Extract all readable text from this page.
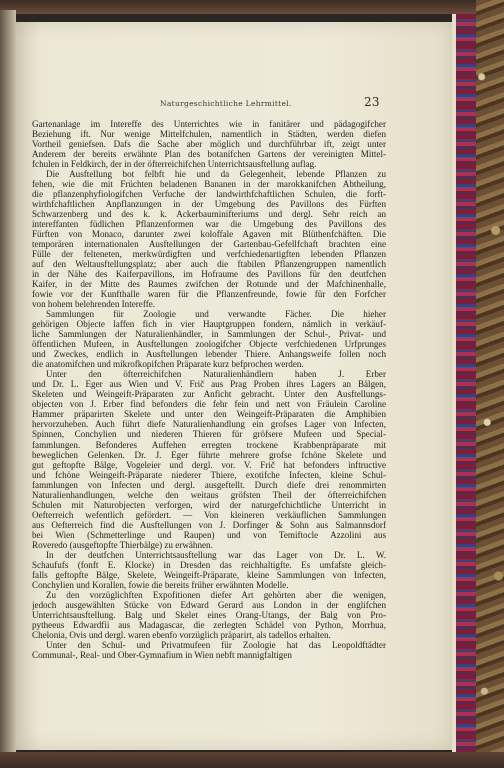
Naturgeschichtliche Lehrmittel.	23
Gartenanlage im Intereffe des Unterrichtes wie in fanitärer und pädagogifcher
Beziehung ift. Nur wenige Mittelfchulen, namentlich in Städten, werden diefen
Vortheil geniefsen. Dafs die Sache aber möglich und durchführbar ift, zeigt unter
Anderem der bereits erwähnte Plan des botanifchen Gartens der vereinigten Mittel-
fchulen in Feldkirch, der in der öfterreichifchen Unterrichtsausftellung auflag.
Die Ausftellung bot felbft hie und da Gelegenheit, lebende Pflanzen zu
fehen, wie die mit Früchten beladenen Bananen in der marokkanifchen Abtheilung,
die pflanzenphyfiologifchen Verfuche der landwirthfchaftlichen Schulen, die forft-
wirthfchaftlichen Anpflanzungen in der Umgebung des Pavillons des Fürften
Schwarzenberg und des k. k. Ackerbauminifteriums und dergl. Sehr reich an
intereffanten füdlichen Pflanzenformen war die Umgebung des Pavillons des
Fürften von Monaco, darunter zwei koloffale Agaven mit Blüthenfchäften. Die
temporären internationalen Ausftellungen der Gartenbau-Gefellfchaft brachten eine
Fülle der felteneten, merkwürdigften und verfchiedenartigften lebenden Pflanzen
auf den Weltausftellungsplatz; aber auch die ftabilen Pflanzengruppen namentlich
in der Nähe des Kaiferpavillons, im Hofraume des Pavillons für den deutfchen
Kaifer, in der Mitte des Raumes zwifchen der Rotunde und der Mafchinenhalle,
fowie vor der Kunfthalle waren für die Pflanzenfreunde, fowie für den Forfcher
von hohem belehrenden Intereffe.
Sammlungen für Zoologie und verwandte Fächer. Die hieher
gehörigen Objecte laffen fich in vier Hauptgruppen fondern, nämlich in verkäuf-
liche Sammlungen der Naturalienhändler, in Sammlungen der Schul-, Privat- und
öffentlichen Mufeen, in Ausftellungen zoologifcher Objecte verfchiedenen Urfprunges
und Zweckes, endlich in Ausftellungen lebender Thiere. Anhangsweife follen noch
die anatomifchen und mikrofkopifchen Präparate kurz befprochen werden.
Unter den öfterreichifchen Naturalienhändlern haben J. Erber
und Dr. L. Eger aus Wien und V. Frič aus Prag Proben ihres Lagers an Bälgen,
Skeleten und Weingeift-Präparaten zur Anficht gebracht. Unter den Ausftellungs-
objecten von J. Erber find befonders die fehr fein und nett von Fräulein Caroline
Hammer präparirten Skelete und unter den Weingeift-Präparaten die Amphibien
hervorzuheben. Auch führt diefe Naturalienhandlung ein grofses Lager von Infecten,
Spinnen, Conchylien und niederen Thieren für gröfsere Mufeen und Special-
fammlungen. Befonderes Auffehen erregten trockene Krabbenpräparate mit
beweglichen Gelenken. Dr. J. Eger führte mehrere grofse fchöne Skelete und
gut geftopfte Bälge, Vogeleier und dergl. vor. V. Frič hat befonders inftructive
und fchöne Weingeift-Präparate niederer Thiere, exotifche Infecten, kleine Schul-
fammlungen von Infecten und dergl. ausgeftellt. Durch diefe drei renommirten
Naturalienhandlungen, welche den weitaus gröfsten Theil der öfterreichifchen
Schulen mit Naturobjecten verforgen, wird der naturgefchichtliche Unterricht in
Oefterreich wefentlich gefördert. — Von kleineren verkäuflichen Sammlungen
aus Oefterreich find die Ausftellungen von J. Dorfinger & Sohn aus Salmannsdorf
bei Wien (Schmetterlinge und Raupen) und von Temiftocle Azzolini aus
Roveredo (ausgeftopfte Thierbälge) zu erwähnen.
In der deutfchen Unterrichtsausftellung war das Lager von Dr. L. W.
Schaufufs (fonft E. Klocke) in Dresden das reichhaltigfte. Es umfafste gleich-
falls geftopfte Bälge, Skelete, Weingeift-Präparate, kleine Sammlungen von Infecten,
Conchylien und Korallen, fowie die bereits früher erwähnten Modelle.
Zu den vorzüglichften Expofitionen diefer Art gehörten aber die wenigen,
jedoch ausgewählten Stücke von Edward Gerard aus London in der englifchen
Unterrichtsausftellung. Balg und Skelet eines Orang-Utangs, der Balg von Pro-
pytheeus Edwardfii aus Madagascar, die zerlegten Schädel von Python, Morrhua,
Chelonia, Ovis und dergl. waren ebenfo vorzüglich präparirt, als tadellos erhalten.
Unter den Schul- und Privatmufeen für Zoologie hat das Leopoldftädter
Communal-, Real- und Ober-Gymnafium in Wien nebft mannigfaltigen
